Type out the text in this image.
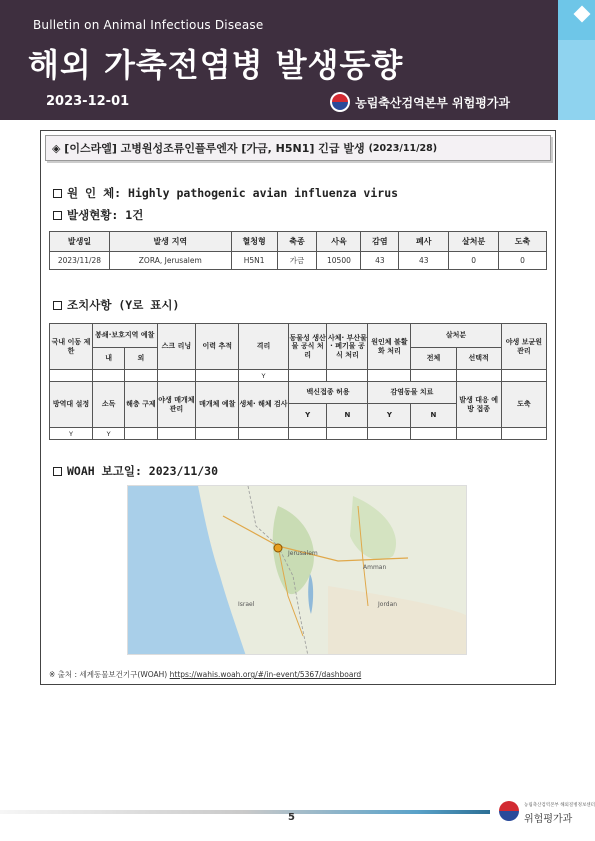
Bulletin on Animal Infectious Disease
해외 가축전염병 발생동향
2023-12-01	농림축산검역본부 위험평가과
◈ [이스라엘] 고병원성조류인플루엔자 [가금, H5N1] 긴급 발생 (2023/11/28)
원 인 체: Highly pathogenic avian influenza virus
발생현황: 1건
발생일	발생 지역	혈청형	축종	사육	감염	폐사	살처분	도축
2023/11/28	ZORA, Jerusalem	H5N1	가금	10500	43	43	0	0
조치사항 (Y로 표시)
국내 이동 제한	봉쇄·보호지역 예찰		스크 리닝	이력 추적	격리	동물성 생산물 공식 처리	사체· 부산물· 폐기물 공식 처리	원인체 불활화 처리	살처분		야생 보균원 관리
	내	외							전체	선택적	
					Y						
방역대 설정	소독	해충 구제	야생 매개체 관리	매개체 예찰	생체· 해체 검사	백신접종 허용		감염동물 치료		발생 대응 예방 접종	도축
						Y	N	Y	N		
Y	Y										
WOAH 보고일: 2023/11/30
Jerusalem
Amman
Jordan
Israel
※ 출처 : 세계동물보건기구(WOAH) https://wahis.woah.org/#/in-event/5367/dashboard
5
농림축산검역본부 해외질병정보센터
위험평가과
